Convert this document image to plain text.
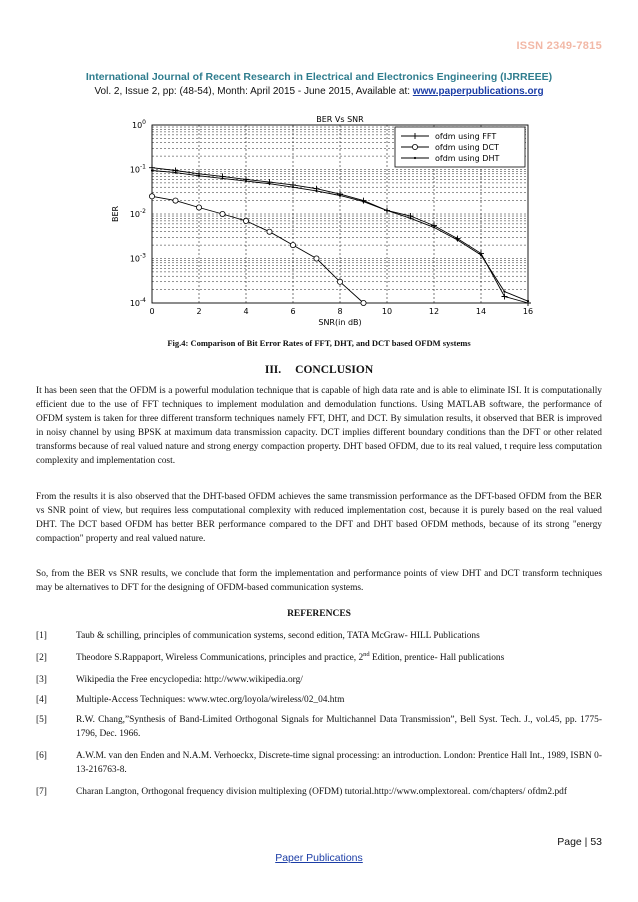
ISSN 2349-7815
International Journal of Recent Research in Electrical and Electronics Engineering (IJRREEE)
Vol. 2, Issue 2, pp: (48-54), Month: April 2015 - June 2015, Available at: www.paperpublications.org
BER Vs SNR
0	2	4	6	8	10	12	14	16
$10^0$
$10^{-1}$
$10^{-2}$
$10^{-3}$
$10^{-4}$
SNR(in dB)
BER
ofdm using FFT
ofdm using DCT
ofdm using DHT
Fig.4: Comparison of Bit Error Rates of FFT, DHT, and DCT based OFDM systems
III. CONCLUSION

It has been seen that the OFDM is a powerful modulation technique that is capable of high data rate and is able to eliminate ISI. It is computationally efficient due to the use of FFT techniques to implement modulation and demodulation functions. Using MATLAB software, the performance of OFDM system is taken for three different transform techniques namely FFT, DHT, and DCT. By simulation results, it observed that BER is improved in noisy channel by using BPSK at maximum data transmission capacity. DCT implies different boundary conditions than the DFT or other related transforms because of real valued nature and strong energy compaction property. DHT based OFDM, due to its real valued, t require less computation complexity and implementation cost.

From the results it is also observed that the DHT-based OFDM achieves the same transmission performance as the DFT-based OFDM from the BER vs SNR point of view, but requires less computational complexity with reduced implementation cost, because it is purely based on the real valued DHT. The DCT based OFDM has better BER performance compared to the DFT and DHT based OFDM methods, because of its strong "energy compaction" property and real valued nature.

So, from the BER vs SNR results, we conclude that form the implementation and performance points of view DHT and DCT transform techniques may be alternatives to DFT for the designing of OFDM-based communication systems.

REFERENCES
[1]	Taub & schilling, principles of communication systems, second edition, TATA McGraw- HILL Publications
[2]	Theodore S.Rappaport, Wireless Communications, principles and practice, 2nd Edition, prentice- Hall publications
[3]	Wikipedia the Free encyclopedia: http://www.wikipedia.org/
[4]	Multiple-Access Techniques: www.wtec.org/loyola/wireless/02_04.htm
[5]	R.W. Chang,”Synthesis of Band-Limited Orthogonal Signals for Multichannel Data Transmission”, Bell Syst. Tech. J., vol.45, pp. 1775-1796, Dec. 1966.
[6]	A.W.M. van den Enden and N.A.M. Verhoeckx, Discrete-time signal processing: an introduction. London: Prentice Hall Int., 1989, ISBN 0-13-216763-8.
[7]	Charan Langton, Orthogonal frequency division multiplexing (OFDM) tutorial.http://www.omplextoreal. com/chapters/ ofdm2.pdf
Page | 53
Paper Publications
